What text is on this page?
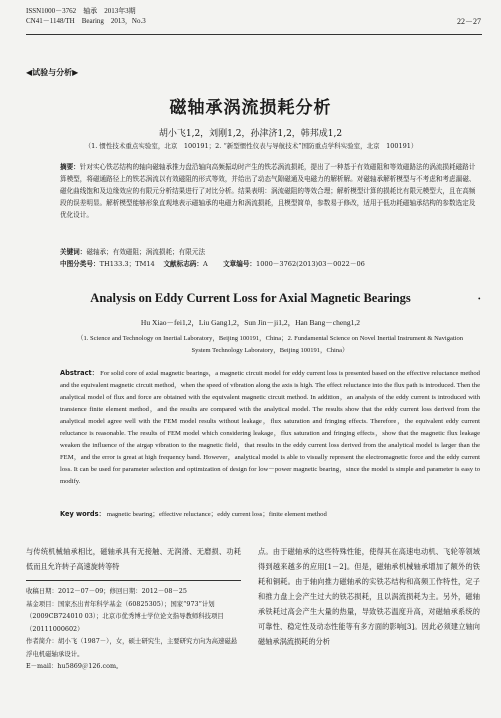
ISSN1000－3762　 轴承　 2013年3期
CN41－1148/TH　 Bearing　 2013，No.3	22－27
◀试验与分析▶
磁轴承涡流损耗分析
胡小飞1,2，刘刚1,2，孙津济1,2，韩邦成1,2
（1. 惯性技术重点实验室，北京　100191；2. “新型惯性仪表与导航技术”国防重点学科实验室，北京　100191）
摘要：针对实心铁芯结构的轴向磁轴承推力盘沿轴向高频振动时产生的铁芯涡流损耗，提出了一种基于有效磁阻和等效磁路法的涡流损耗磁路计算模型，将磁通路径上的铁芯涡流以有效磁阻的形式等效，并给出了动态气隙磁通及电磁力的解析解。对磁轴承解析模型与不考虑和考虑漏磁、磁化曲线饱和及边缘效应的有限元分析结果进行了对比分析。结果表明：涡流磁阻的等效合理；解析模型计算的损耗比有限元模型大，且在高频段的误差明显。解析模型能够形象直观地表示磁轴承的电磁力和涡流损耗，且模型简单，参数易于修改，适用于低功耗磁轴承结构的参数选定及优化设计。
关键词：磁轴承；有效磁阻；涡流损耗；有限元法
中图分类号：TH133.3；TM14　 文献标志码：A　　 文章编号：1000－3762(2013)03－0022－06
Analysis on Eddy Current Loss for Axial Magnetic Bearings	•
Hu Xiao－fei1,2，Liu Gang1,2，Sun Jin－ji1,2，Han Bang－cheng1,2
（1. Science and Technology on Inertial Laboratory，Beijing 100191，China；2. Fundamental Science on Novel Inertial Instrument & Navigation System Technology Laboratory，Beijing 100191，China）
Abstract： For solid core of axial magnetic bearings，a magnetic circuit model for eddy current loss is presented based on the effective reluctance method and the equivalent magnetic circuit method，when the speed of vibration along the axis is high. The effect reluctance into the flux path is introduced. Then the analytical model of flux and force are obtained with the equivalent magnetic circuit method. In addition，an analysis of the eddy current is introduced with transience finite element method，and the results are compared with the analytical model. The results show that the eddy current loss derived from the analytical model agree well with the FEM model results without leakage，flux saturation and fringing effects. Therefore，the equivalent eddy current reluctance is reasonable. The results of FEM model which considering leakage，flux saturation and fringing effects，show that the magnetic flux leakage weaken the influence of the airgap vibration to the magnetic field，that results in the eddy current loss derived from the analytical model is larger than the FEM，and the error is great at high frequency band. However，analytical model is able to visually represent the electromagnetic force and the eddy current loss. It can be used for parameter selection and optimization of design for low－power magnetic bearing，since the model is simple and parameter is easy to modify.
Key words： magnetic bearing；effective reluctance；eddy current loss；finite element method
与传统机械轴承相比，磁轴承具有无接触、无润滑、无磨损、功耗低而且允许转子高速旋转等特
点。由于磁轴承的这些特殊性能，使得其在高速电动机、飞轮等领域得到越来越多的应用[1－2]。但是，磁轴承机械轴承增加了额外的铁耗和铜耗。由于轴向推力磁轴承的实铁芯结构和高频工作特性，定子和推力盘上会产生过大的铁芯损耗，且以涡流损耗为主。另外，磁轴承铁耗过高会产生大量的热量，导致铁芯温度升高，对磁轴承系统的可靠性、稳定性及动态性能等有多方面的影响[3]。因此必须建立轴向磁轴承涡流损耗的分析
收稿日期：2012－07－09；修回日期：2012－08－25
基金项目：国家杰出青年科学基金（60825305）；国家“973”计划（2009CB724010 03）；北京市优秀博士学位论文指导教师科技项目（20111000602）
作者简介：胡小飞（1987－），女，硕士研究生，主要研究方向为高速磁悬浮电机磁轴承设计。
E－mail：hu5869＠126.com。
